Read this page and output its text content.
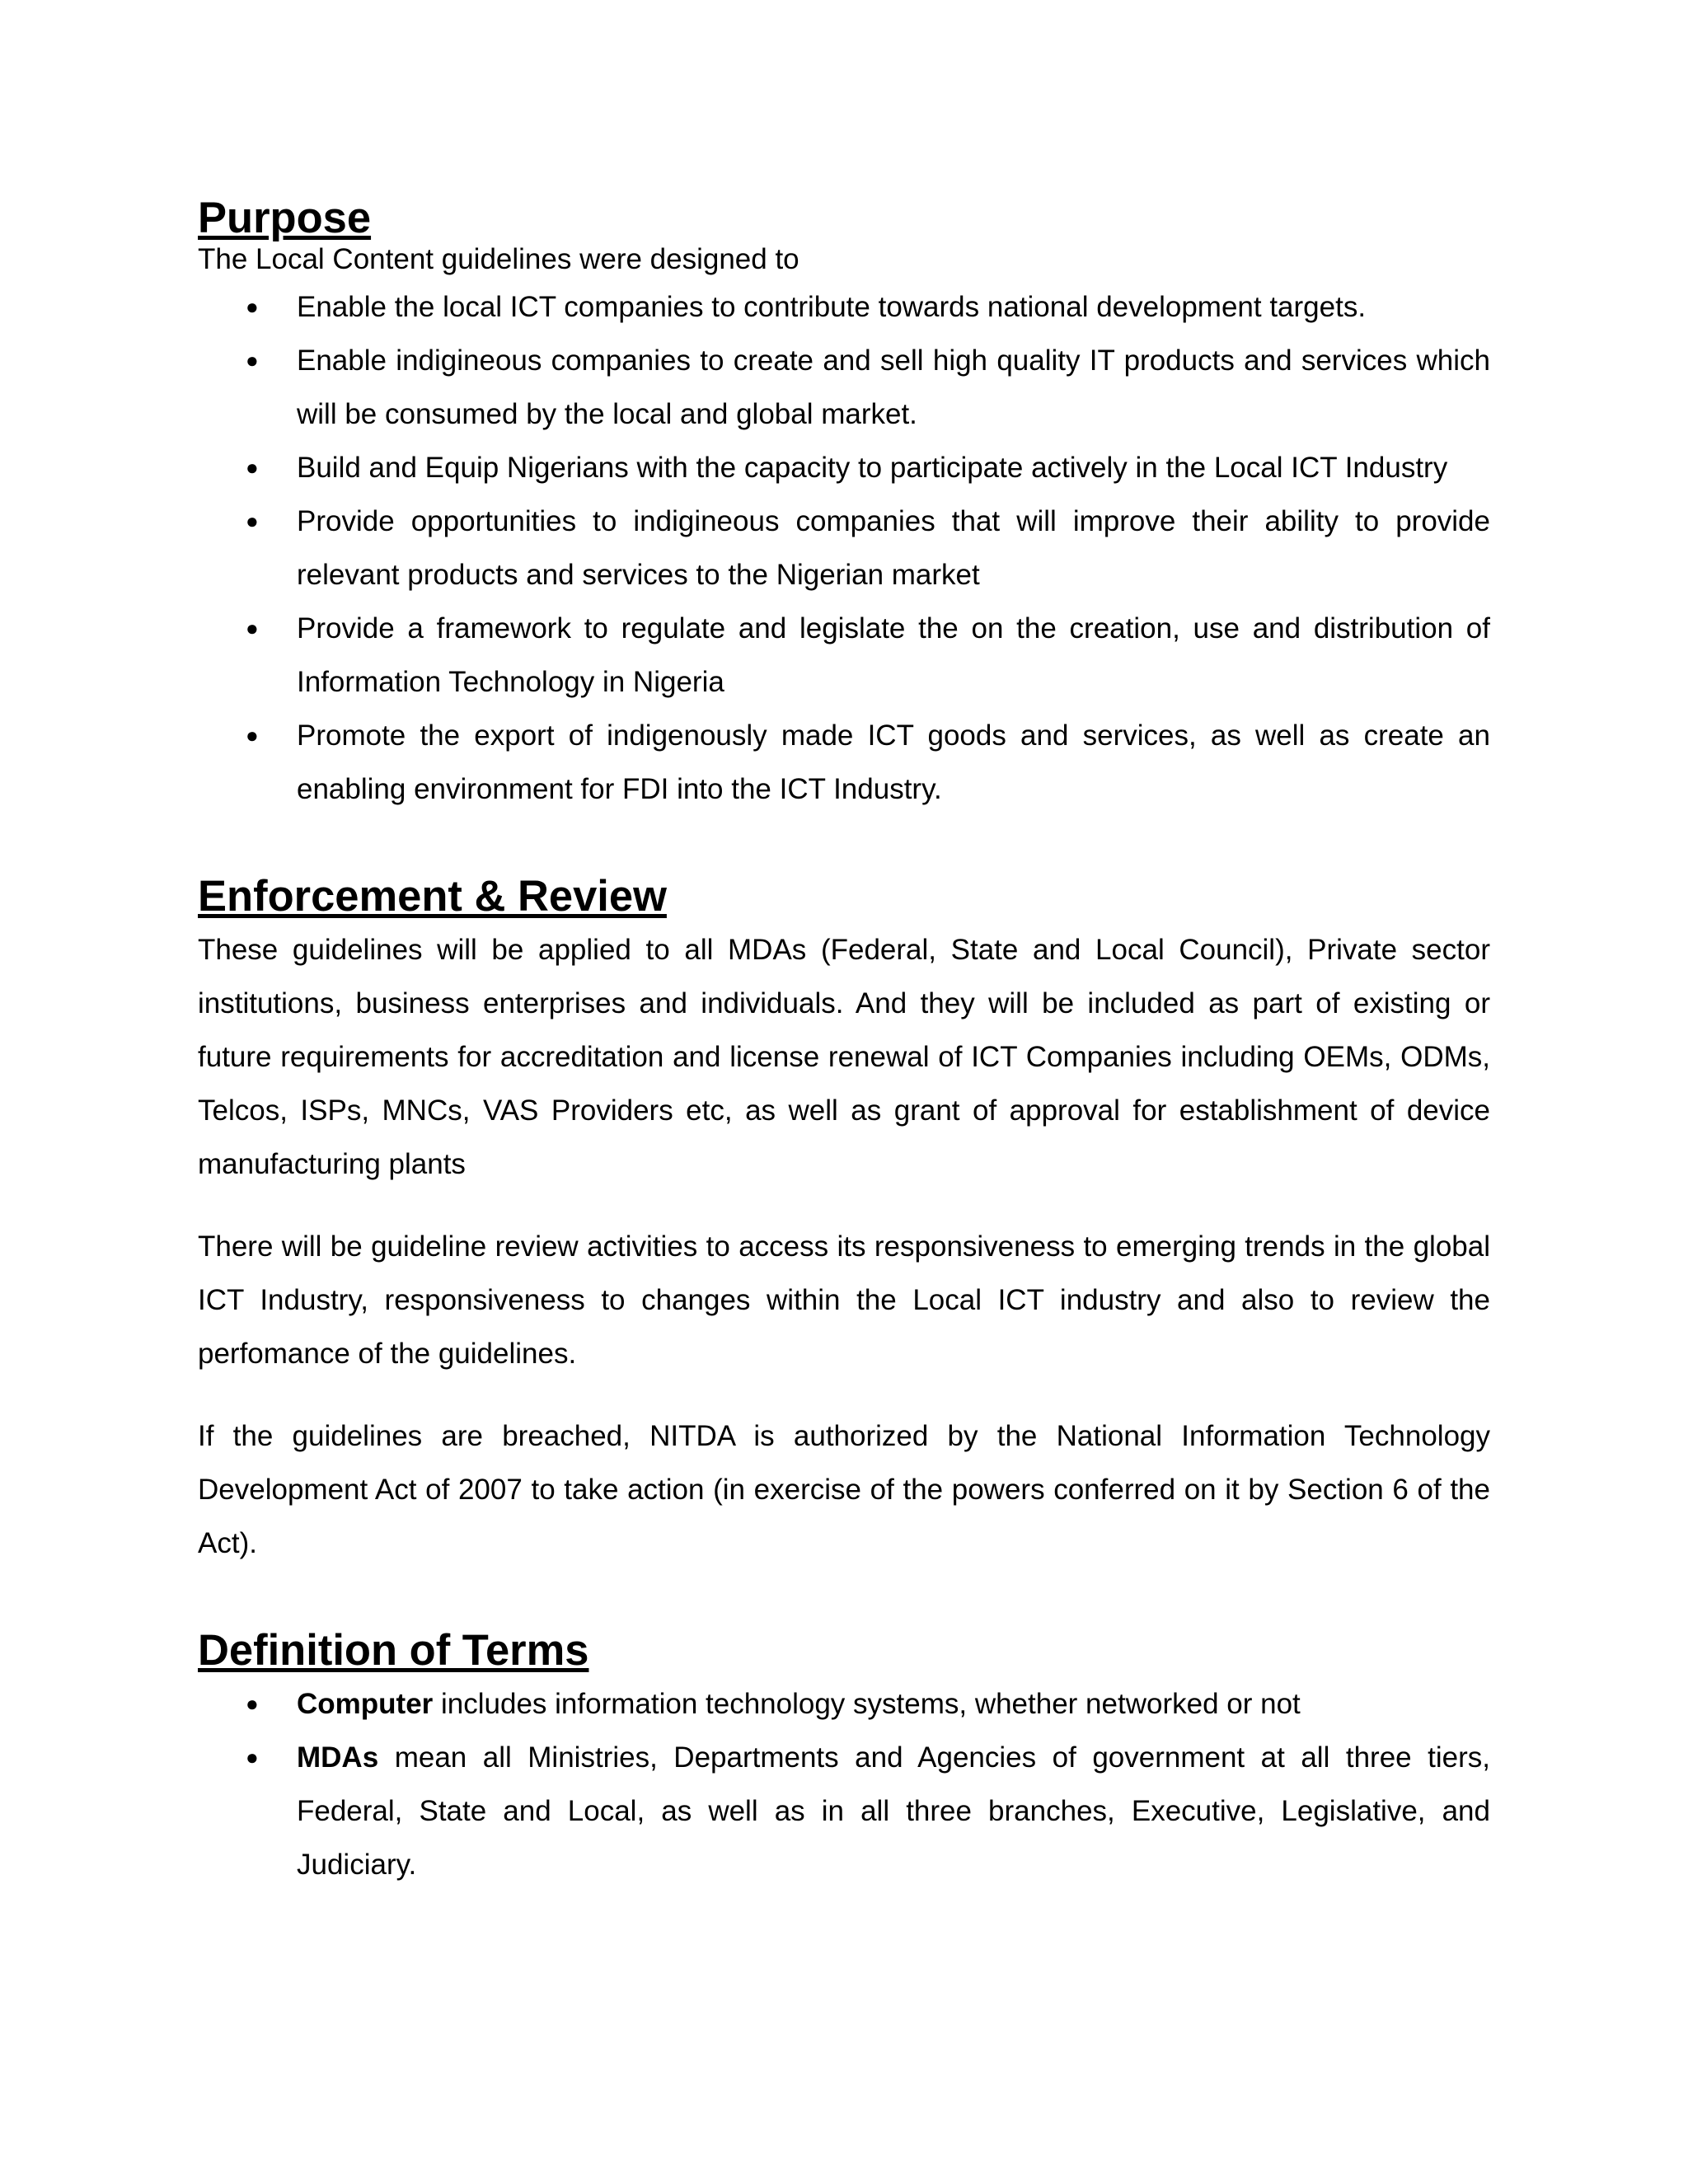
Purpose

The Local Content guidelines were designed to

● Enable the local ICT companies to contribute towards national development targets.
● Enable indigineous companies to create and sell high quality IT products and services which will be consumed by the local and global market.
● Build and Equip Nigerians with the capacity to participate actively in the Local ICT Industry
● Provide opportunities to indigineous companies that will improve their ability to provide relevant products and services to the Nigerian market
● Provide a framework to regulate and legislate the on the creation, use and distribution of Information Technology in Nigeria
● Promote the export of indigenously made ICT goods and services, as well as create an enabling environment for FDI into the ICT Industry.
Enforcement & Review

These guidelines will be applied to all MDAs (Federal, State and Local Council), Private sector institutions, business enterprises and individuals. And they will be included as part of existing or future requirements for accreditation and license renewal of ICT Companies including OEMs, ODMs, Telcos, ISPs, MNCs, VAS Providers etc, as well as grant of approval for establishment of device manufacturing plants

There will be guideline review activities to access its responsiveness to emerging trends in the global ICT Industry, responsiveness to changes within the Local ICT industry and also to review the perfomance of the guidelines.

If the guidelines are breached, NITDA is authorized by the National Information Technology Development Act of 2007 to take action (in exercise of the powers conferred on it by Section 6 of the Act).

Definition of Terms
● Computer includes information technology systems, whether networked or not
● MDAs mean all Ministries, Departments and Agencies of government at all three tiers, Federal, State and Local, as well as in all three branches, Executive, Legislative, and Judiciary.
